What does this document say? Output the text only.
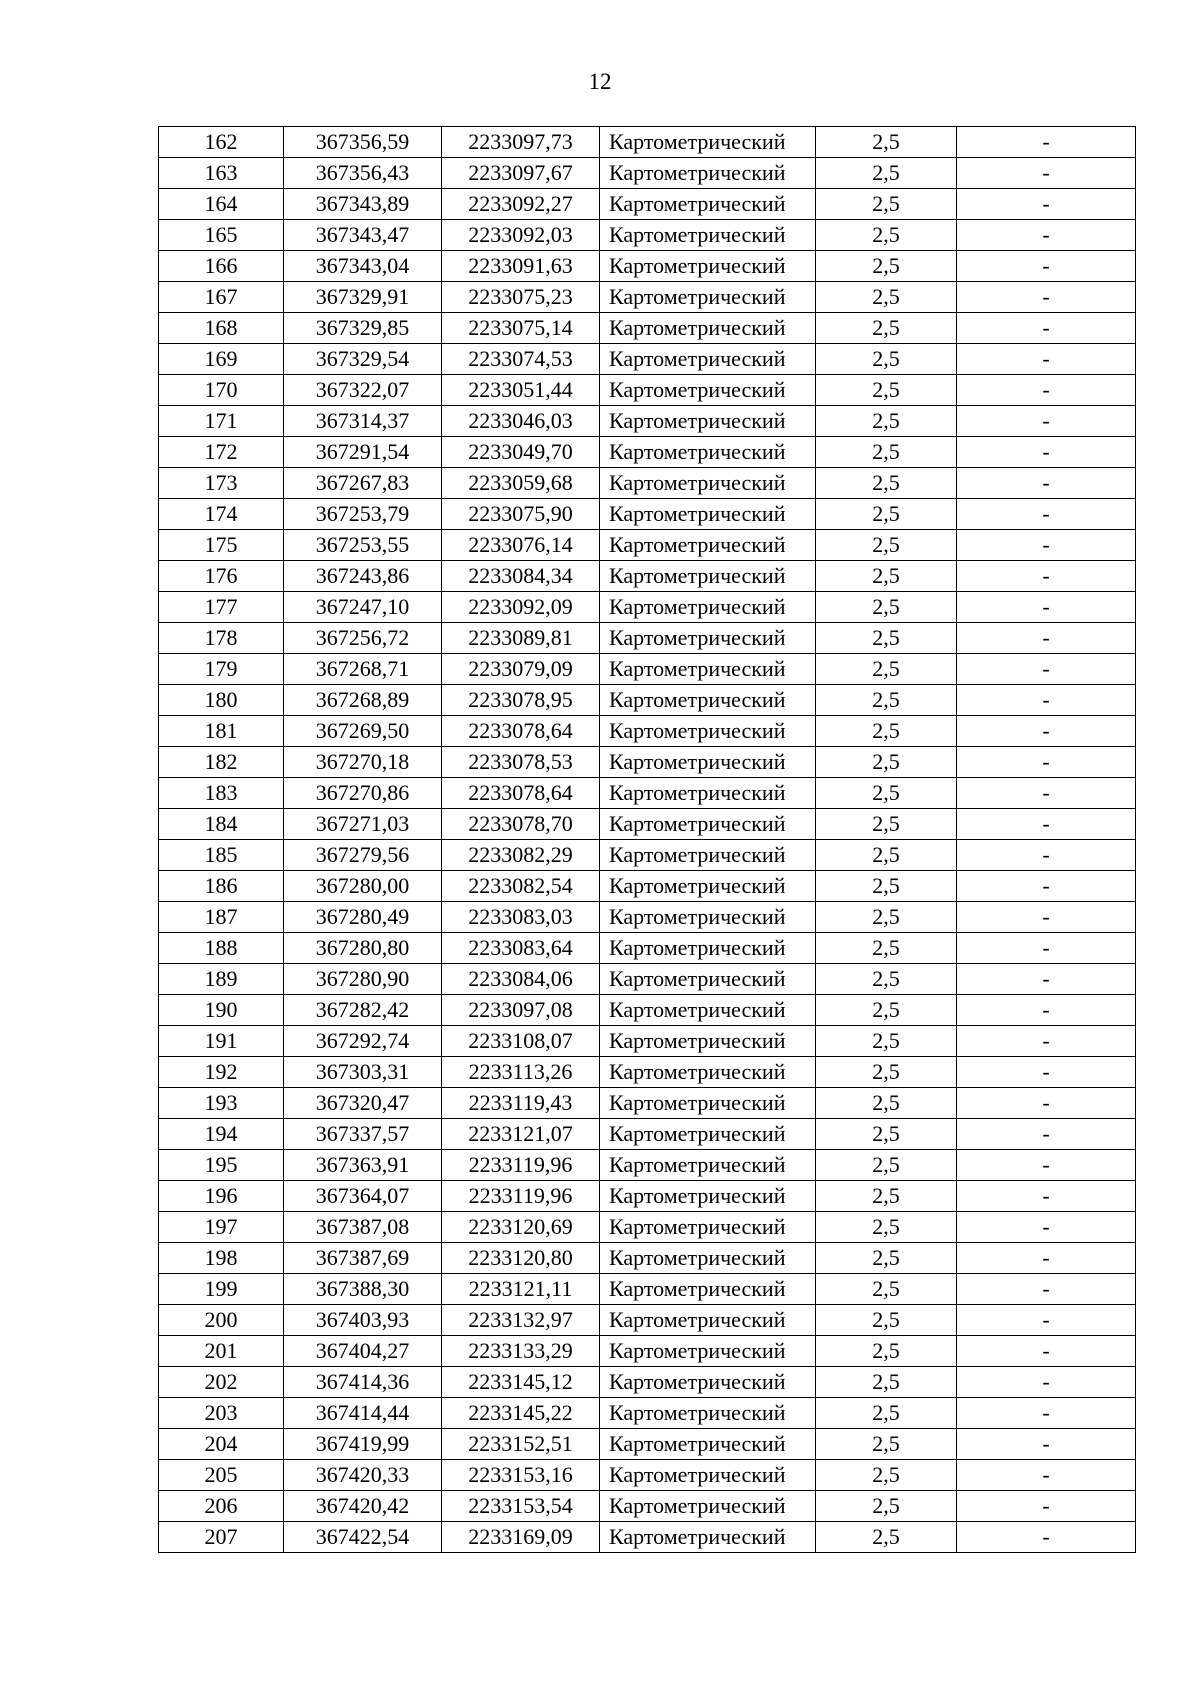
12
162	367356,59	2233097,73	Картометрический	2,5	-
163	367356,43	2233097,67	Картометрический	2,5	-
164	367343,89	2233092,27	Картометрический	2,5	-
165	367343,47	2233092,03	Картометрический	2,5	-
166	367343,04	2233091,63	Картометрический	2,5	-
167	367329,91	2233075,23	Картометрический	2,5	-
168	367329,85	2233075,14	Картометрический	2,5	-
169	367329,54	2233074,53	Картометрический	2,5	-
170	367322,07	2233051,44	Картометрический	2,5	-
171	367314,37	2233046,03	Картометрический	2,5	-
172	367291,54	2233049,70	Картометрический	2,5	-
173	367267,83	2233059,68	Картометрический	2,5	-
174	367253,79	2233075,90	Картометрический	2,5	-
175	367253,55	2233076,14	Картометрический	2,5	-
176	367243,86	2233084,34	Картометрический	2,5	-
177	367247,10	2233092,09	Картометрический	2,5	-
178	367256,72	2233089,81	Картометрический	2,5	-
179	367268,71	2233079,09	Картометрический	2,5	-
180	367268,89	2233078,95	Картометрический	2,5	-
181	367269,50	2233078,64	Картометрический	2,5	-
182	367270,18	2233078,53	Картометрический	2,5	-
183	367270,86	2233078,64	Картометрический	2,5	-
184	367271,03	2233078,70	Картометрический	2,5	-
185	367279,56	2233082,29	Картометрический	2,5	-
186	367280,00	2233082,54	Картометрический	2,5	-
187	367280,49	2233083,03	Картометрический	2,5	-
188	367280,80	2233083,64	Картометрический	2,5	-
189	367280,90	2233084,06	Картометрический	2,5	-
190	367282,42	2233097,08	Картометрический	2,5	-
191	367292,74	2233108,07	Картометрический	2,5	-
192	367303,31	2233113,26	Картометрический	2,5	-
193	367320,47	2233119,43	Картометрический	2,5	-
194	367337,57	2233121,07	Картометрический	2,5	-
195	367363,91	2233119,96	Картометрический	2,5	-
196	367364,07	2233119,96	Картометрический	2,5	-
197	367387,08	2233120,69	Картометрический	2,5	-
198	367387,69	2233120,80	Картометрический	2,5	-
199	367388,30	2233121,11	Картометрический	2,5	-
200	367403,93	2233132,97	Картометрический	2,5	-
201	367404,27	2233133,29	Картометрический	2,5	-
202	367414,36	2233145,12	Картометрический	2,5	-
203	367414,44	2233145,22	Картометрический	2,5	-
204	367419,99	2233152,51	Картометрический	2,5	-
205	367420,33	2233153,16	Картометрический	2,5	-
206	367420,42	2233153,54	Картометрический	2,5	-
207	367422,54	2233169,09	Картометрический	2,5	-
